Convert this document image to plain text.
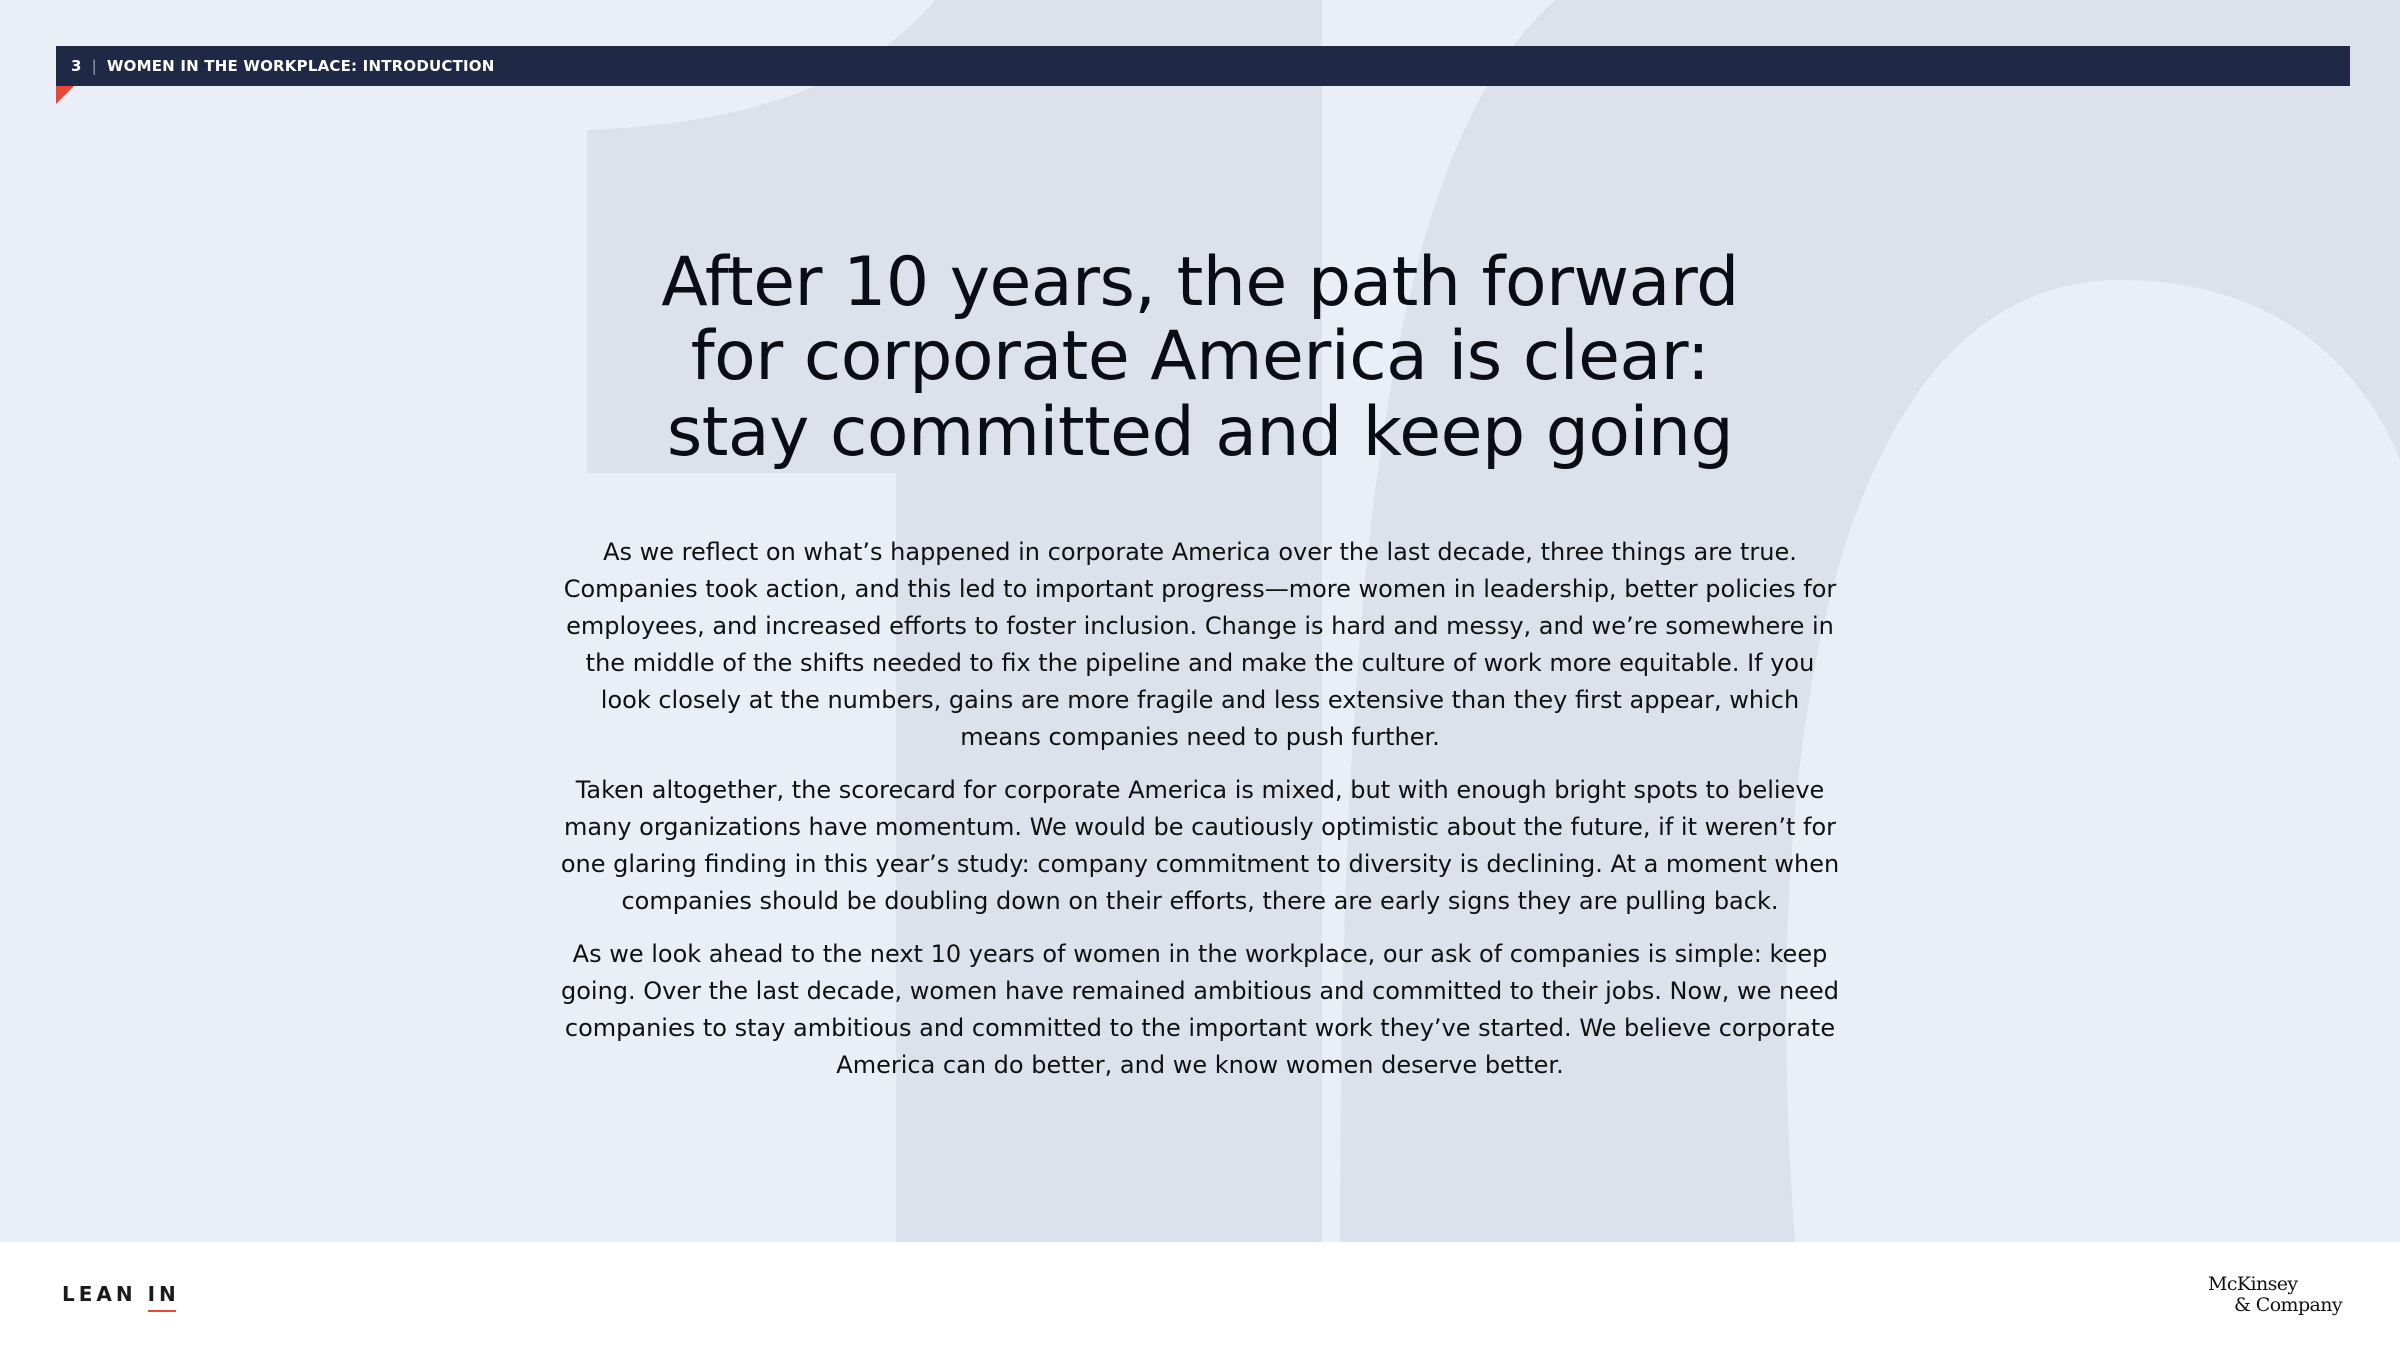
3 | WOMEN IN THE WORKPLACE: INTRODUCTION
After 10 years, the path forward
for corporate America is clear:
stay committed and keep going

As we reflect on what’s happened in corporate America over the last decade, three things are true. Companies took action, and this led to important progress—more women in leadership, better policies for employees, and increased efforts to foster inclusion. Change is hard and messy, and we’re somewhere in the middle of the shifts needed to fix the pipeline and make the culture of work more equitable. If you look closely at the numbers, gains are more fragile and less extensive than they first appear, which means companies need to push further.

Taken altogether, the scorecard for corporate America is mixed, but with enough bright spots to believe many organizations have momentum. We would be cautiously optimistic about the future, if it weren’t for one glaring finding in this year’s study: company commitment to diversity is declining. At a moment when companies should be doubling down on their efforts, there are early signs they are pulling back.

As we look ahead to the next 10 years of women in the workplace, our ask of companies is simple: keep going. Over the last decade, women have remained ambitious and committed to their jobs. Now, we need companies to stay ambitious and committed to the important work they’ve started. We believe corporate America can do better, and we know women deserve better.

LEAN IN	McKinsey
& Company
